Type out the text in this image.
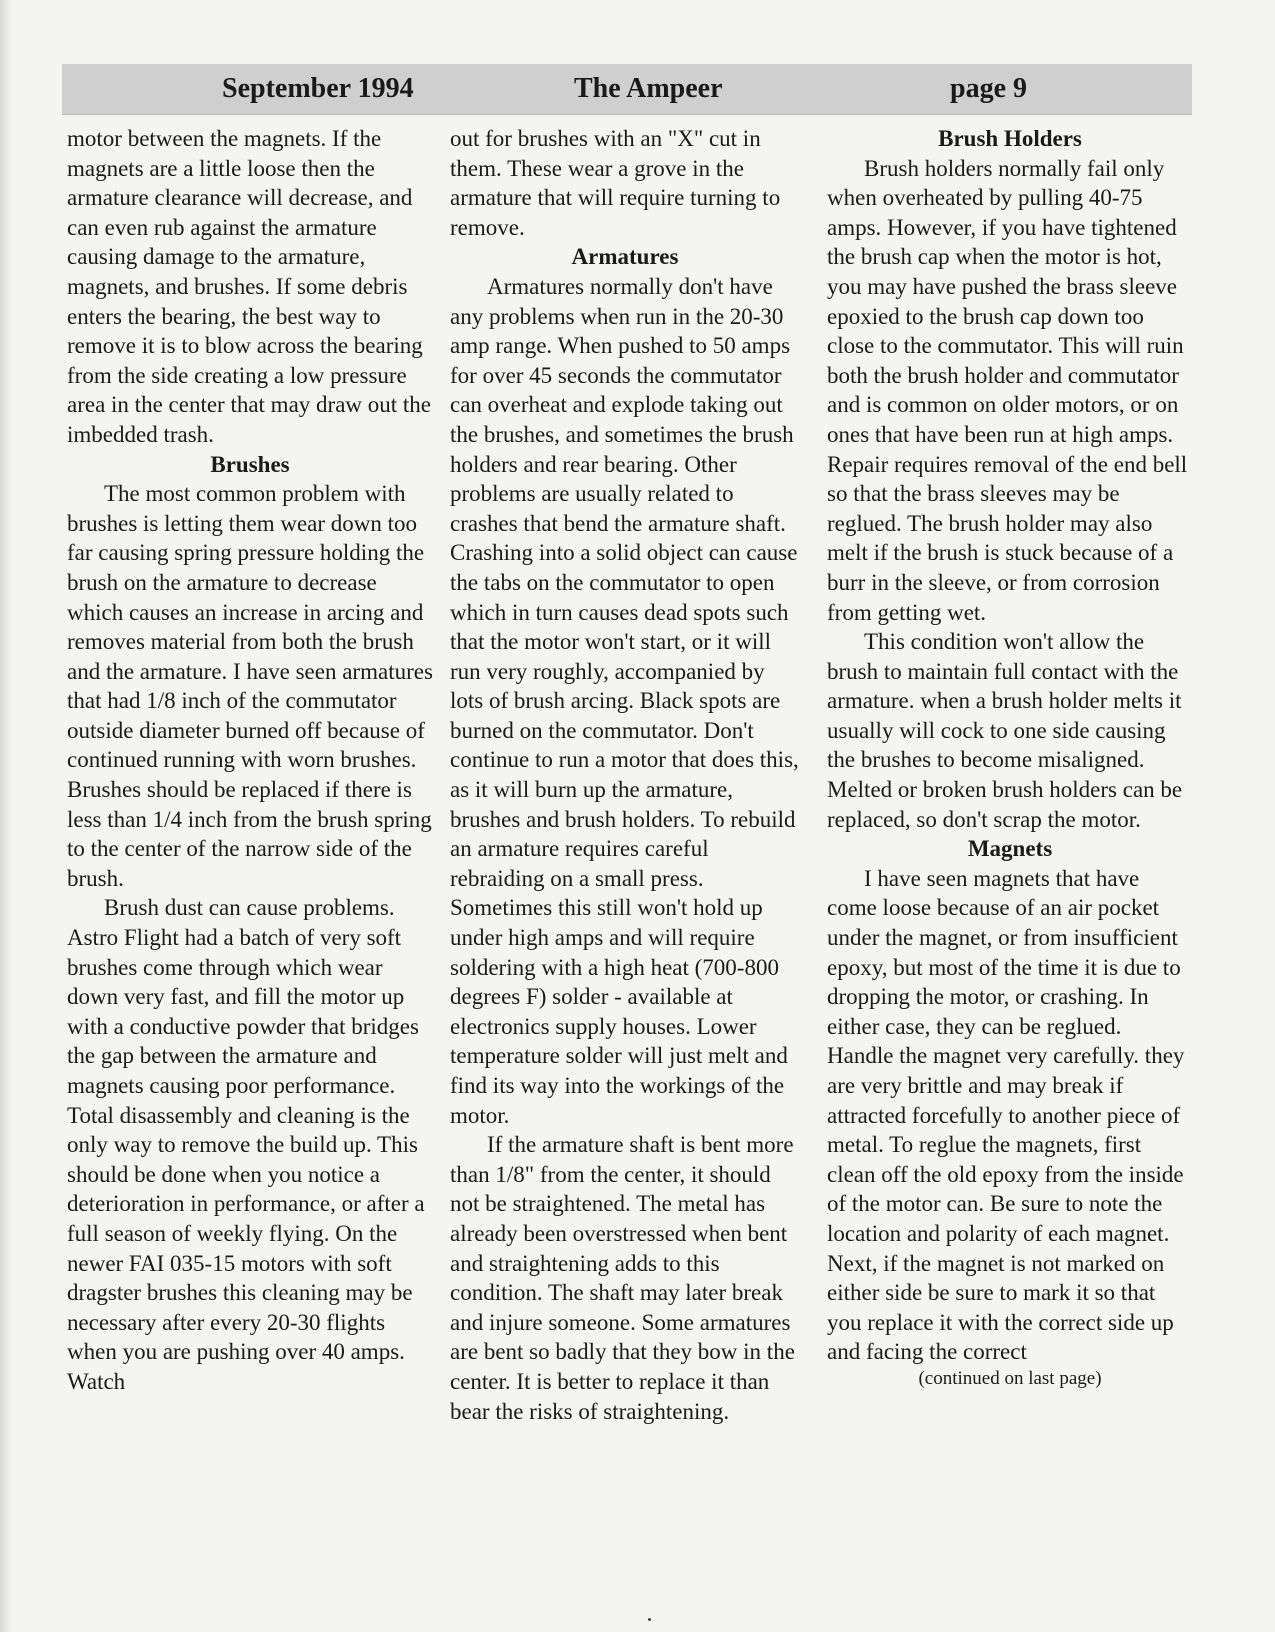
September 1994	The Ampeer	page 9

motor between the magnets. If the magnets are a little loose then the armature clearance will decrease, and can even rub against the armature causing damage to the armature, magnets, and brushes. If some debris enters the bearing, the best way to remove it is to blow across the bearing from the side creating a low pressure area in the center that may draw out the imbedded trash.

Brushes

The most common problem with brushes is letting them wear down too far causing spring pressure holding the brush on the armature to decrease which causes an increase in arcing and removes material from both the brush and the armature. I have seen armatures that had 1/8 inch of the commutator outside diameter burned off because of continued running with worn brushes. Brushes should be replaced if there is less than 1/4 inch from the brush spring to the center of the narrow side of the brush.

Brush dust can cause problems. Astro Flight had a batch of very soft brushes come through which wear down very fast, and fill the motor up with a conductive powder that bridges the gap between the armature and magnets causing poor performance. Total disassembly and cleaning is the only way to remove the build up. This should be done when you notice a deterioration in performance, or after a full season of weekly flying. On the newer FAI 035-15 motors with soft dragster brushes this cleaning may be necessary after every 20-30 flights when you are pushing over 40 amps. Watch

out for brushes with an "X" cut in them. These wear a grove in the armature that will require turning to remove.

Armatures

Armatures normally don't have any problems when run in the 20-30 amp range. When pushed to 50 amps for over 45 seconds the commutator can overheat and explode taking out the brushes, and sometimes the brush holders and rear bearing. Other problems are usually related to crashes that bend the armature shaft. Crashing into a solid object can cause the tabs on the commutator to open which in turn causes dead spots such that the motor won't start, or it will run very roughly, accompanied by lots of brush arcing. Black spots are burned on the commutator. Don't continue to run a motor that does this, as it will burn up the armature, brushes and brush holders. To rebuild an armature requires careful rebraiding on a small press. Sometimes this still won't hold up under high amps and will require soldering with a high heat (700-800 degrees F) solder - available at electronics supply houses. Lower temperature solder will just melt and find its way into the workings of the motor.

If the armature shaft is bent more than 1/8" from the center, it should not be straightened. The metal has already been overstressed when bent and straightening adds to this condition. The shaft may later break and injure someone. Some armatures are bent so badly that they bow in the center. It is better to replace it than bear the risks of straightening.

Brush Holders

Brush holders normally fail only when overheated by pulling 40-75 amps. However, if you have tightened the brush cap when the motor is hot, you may have pushed the brass sleeve epoxied to the brush cap down too close to the commutator. This will ruin both the brush holder and commutator and is common on older motors, or on ones that have been run at high amps. Repair requires removal of the end bell so that the brass sleeves may be reglued. The brush holder may also melt if the brush is stuck because of a burr in the sleeve, or from corrosion from getting wet.

This condition won't allow the brush to maintain full contact with the armature. when a brush holder melts it usually will cock to one side causing the brushes to become misaligned. Melted or broken brush holders can be replaced, so don't scrap the motor.

Magnets

I have seen magnets that have come loose because of an air pocket under the magnet, or from insufficient epoxy, but most of the time it is due to dropping the motor, or crashing. In either case, they can be reglued. Handle the magnet very carefully. they are very brittle and may break if attracted forcefully to another piece of metal. To reglue the magnets, first clean off the old epoxy from the inside of the motor can. Be sure to note the location and polarity of each magnet. Next, if the magnet is not marked on either side be sure to mark it so that you replace it with the correct side up and facing the correct

(continued on last page)
